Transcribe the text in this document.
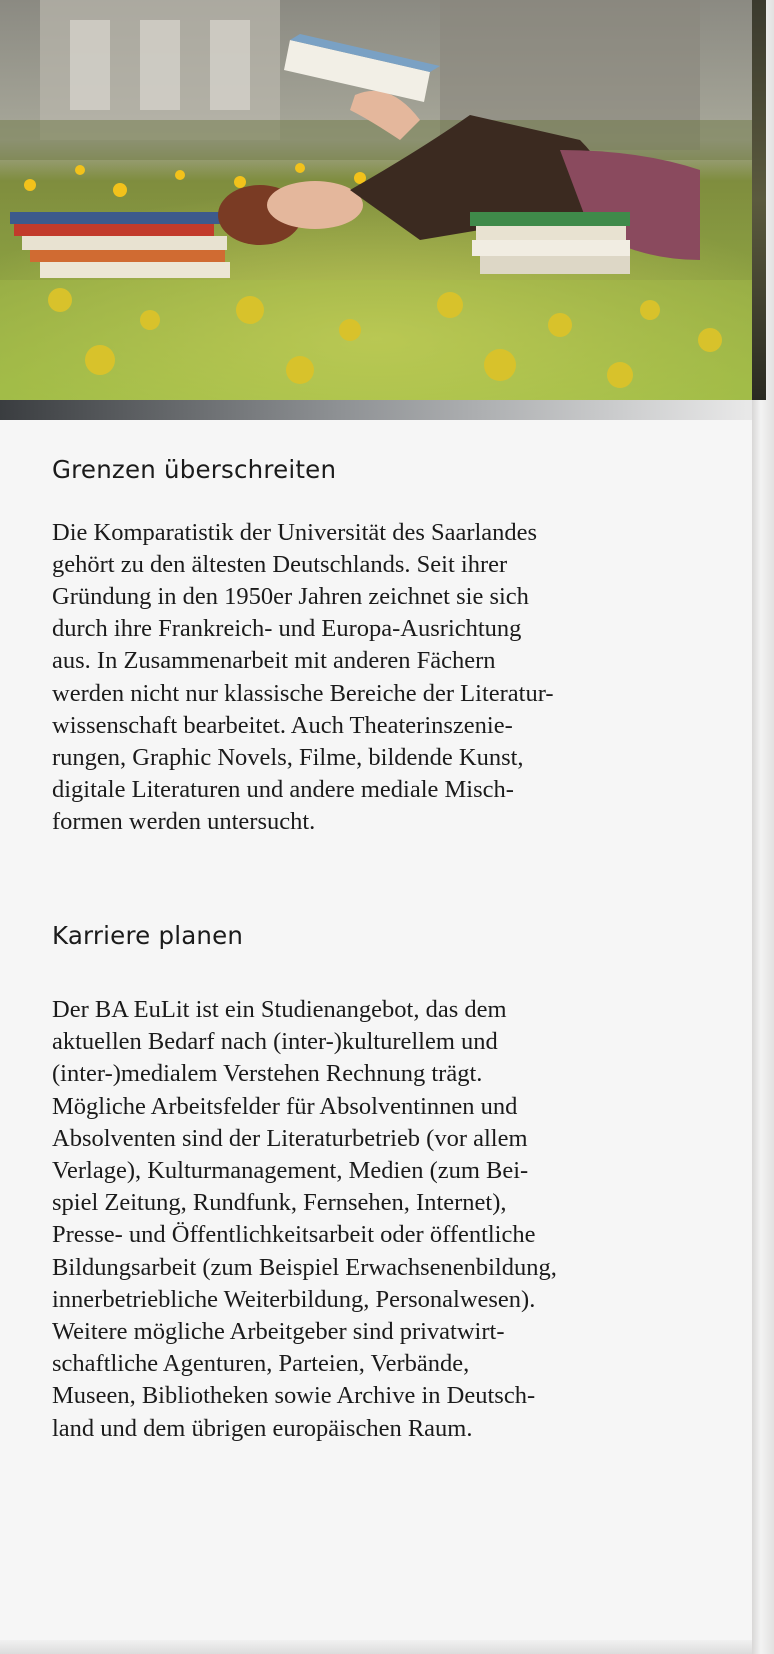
Grenzen überschreiten

Die Komparatistik der Universität des Saarlandes
gehört zu den ältesten Deutschlands. Seit ihrer
Gründung in den 1950er Jahren zeichnet sie sich
durch ihre Frankreich- und Europa-Ausrichtung
aus. In Zusammenarbeit mit anderen Fächern
werden nicht nur klassische Bereiche der Literatur-
wissenschaft bearbeitet. Auch Theaterinszenie-
rungen, Graphic Novels, Filme, bildende Kunst,
digitale Literaturen und andere mediale Misch-
formen werden untersucht.

Karriere planen

Der BA EuLit ist ein Studienangebot, das dem
aktuellen Bedarf nach (inter-)kulturellem und
(inter-)medialem Verstehen Rechnung trägt.
Mögliche Arbeitsfelder für Absolventinnen und
Absolventen sind der Literaturbetrieb (vor allem
Verlage), Kulturmanagement, Medien (zum Bei-
spiel Zeitung, Rundfunk, Fernsehen, Internet),
Presse- und Öffentlichkeitsarbeit oder öffentliche
Bildungsarbeit (zum Beispiel Erwachsenenbildung,
innerbetriebliche Weiterbildung, Personalwesen).
Weitere mögliche Arbeitgeber sind privatwirt-
schaftliche Agenturen, Parteien, Verbände,
Museen, Bibliotheken sowie Archive in Deutsch-
land und dem übrigen europäischen Raum.
